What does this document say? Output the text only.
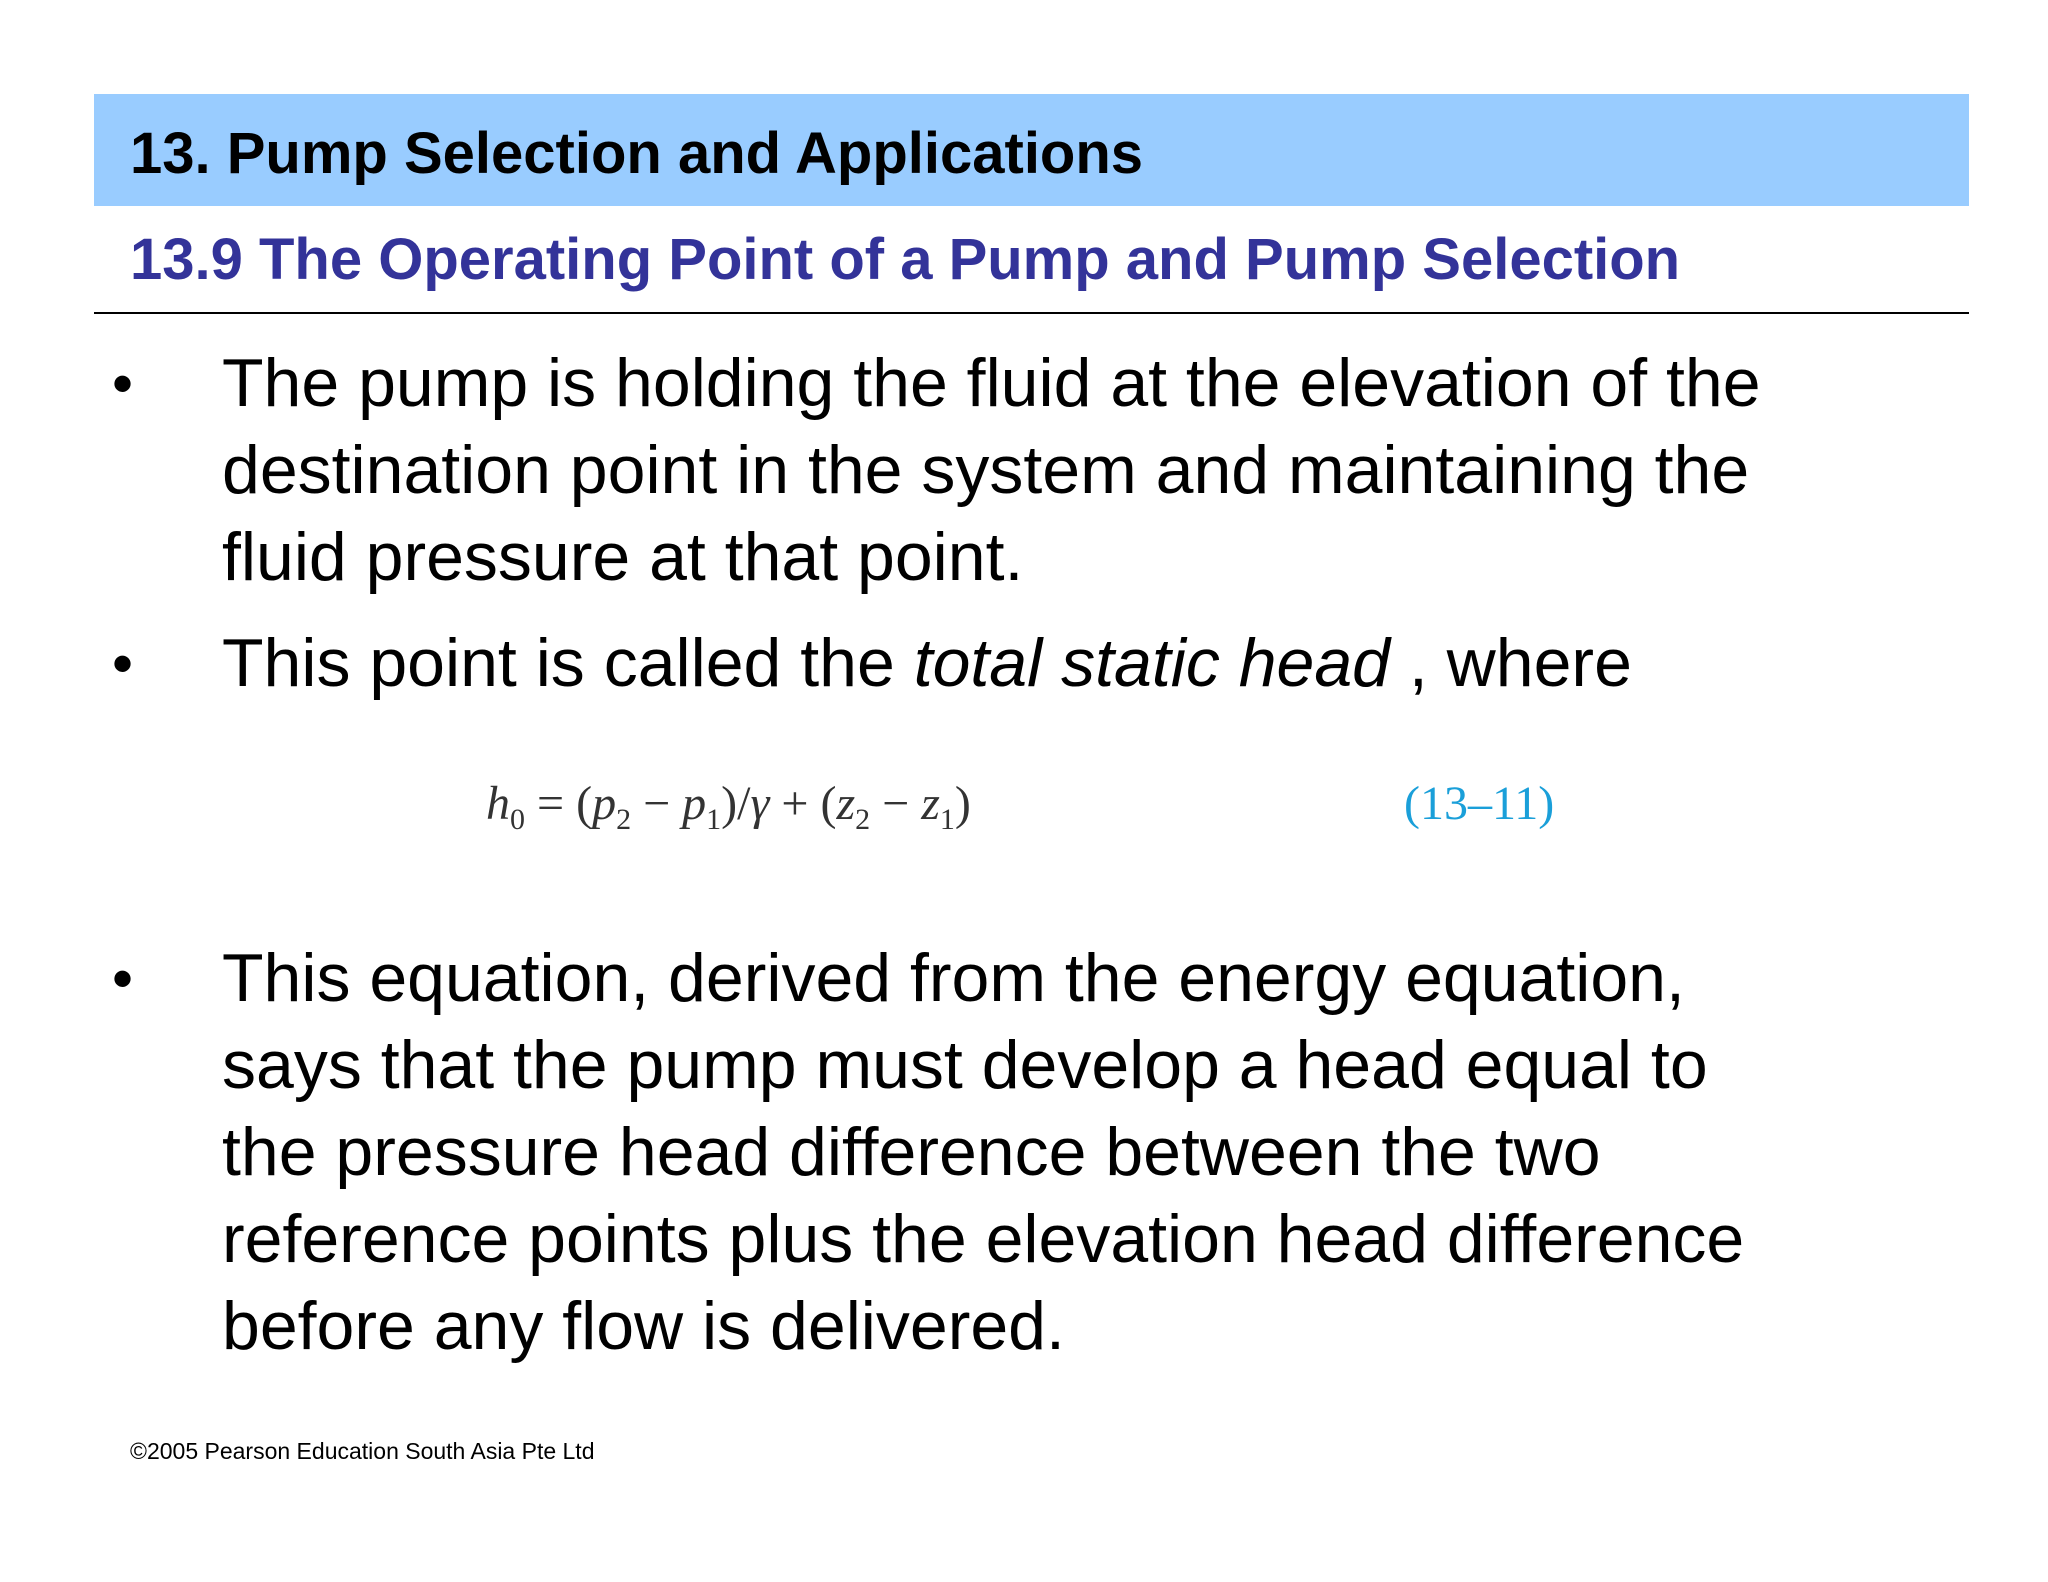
13. Pump Selection and Applications
13.9 The Operating Point of a Pump and Pump Selection
• The pump is holding the fluid at the elevation of the
destination point in the system and maintaining the
fluid pressure at that point.
• This point is called the total static head , where
$h_0 = (p_2 - p_1)/\gamma + (z_2 - z_1)$	(13–11)
• This equation, derived from the energy equation,
says that the pump must develop a head equal to
the pressure head difference between the two
reference points plus the elevation head difference
before any flow is delivered.
©2005 Pearson Education South Asia Pte Ltd
